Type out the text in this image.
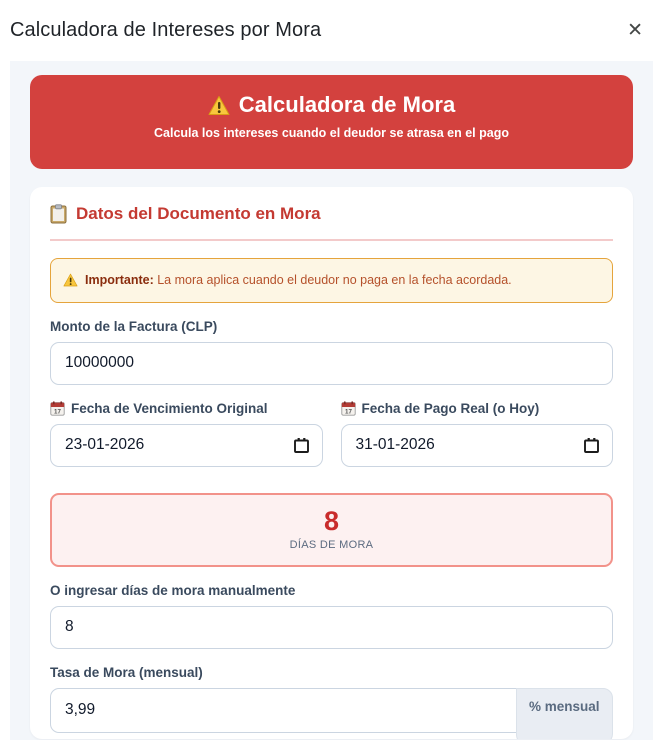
Calculadora de Intereses por Mora	✕
Calculadora de Mora
Calcula los intereses cuando el deudor se atrasa en el pago
Datos del Documento en Mora
Importante: La mora aplica cuando el deudor no paga en la fecha acordada.
Monto de la Factura (CLP)
10000000
Fecha de Vencimiento Original
23-01-2026	Fecha de Pago Real (o Hoy)
31-01-2026
8
DÍAS DE MORA
O ingresar días de mora manualmente
8
Tasa de Mora (mensual)
3,99
% mensual
